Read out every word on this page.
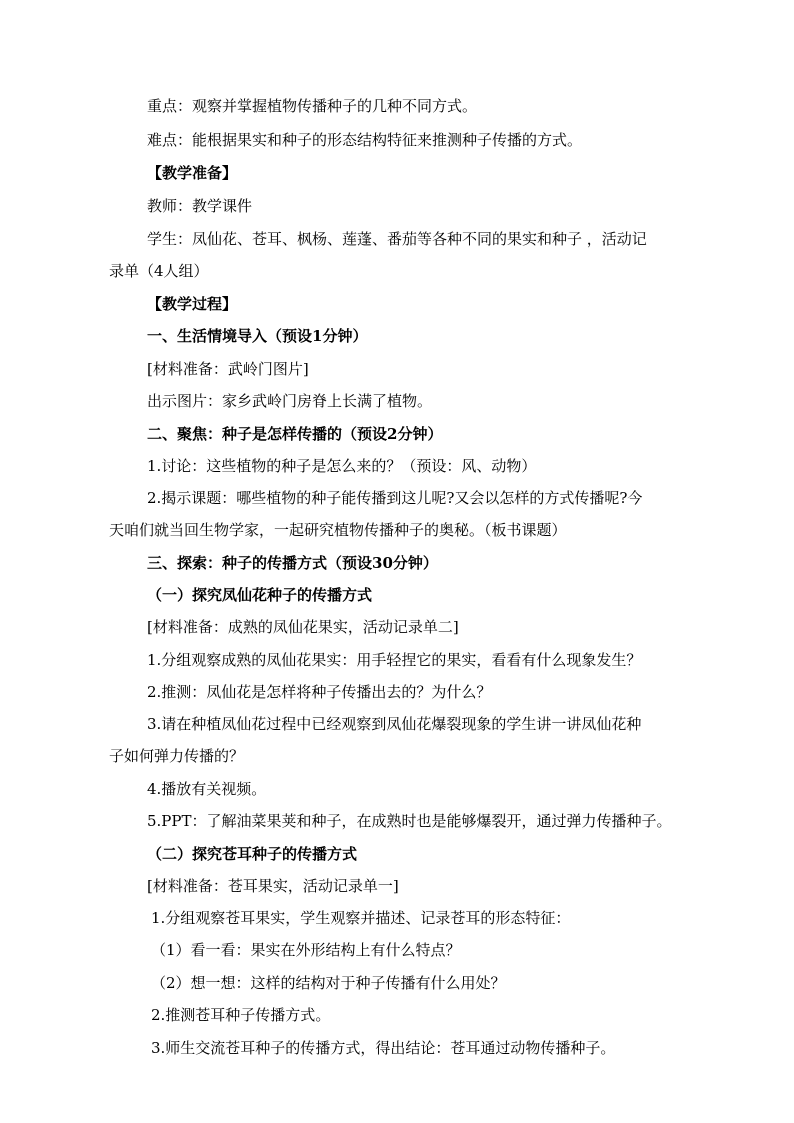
重点：观察并掌握植物传播种子的几种不同方式。
难点：能根据果实和种子的形态结构特征来推测种子传播的方式。
【教学准备】
教师：教学课件
学生：凤仙花、苍耳、枫杨、莲蓬、番茄等各种不同的果实和种子 ，活动记
录单（4人组）
【教学过程】
一、生活情境导入（预设1分钟）
[材料准备：武岭门图片]
出示图片：家乡武岭门房脊上长满了植物。
二、聚焦：种子是怎样传播的（预设2分钟）
1.讨论：这些植物的种子是怎么来的？（预设：风、动物）
2.揭示课题：哪些植物的种子能传播到这儿呢?又会以怎样的方式传播呢?今
天咱们就当回生物学家，一起研究植物传播种子的奥秘。（板书课题）
三、探索：种子的传播方式（预设30分钟）
（一）探究凤仙花种子的传播方式
[材料准备：成熟的凤仙花果实，活动记录单二]
1.分组观察成熟的凤仙花果实：用手轻捏它的果实，看看有什么现象发生？
2.推测：凤仙花是怎样将种子传播出去的？为什么？
3.请在种植凤仙花过程中已经观察到凤仙花爆裂现象的学生讲一讲凤仙花种
子如何弹力传播的？
4.播放有关视频。
5.PPT：了解油菜果荚和种子，在成熟时也是能够爆裂开，通过弹力传播种子。
（二）探究苍耳种子的传播方式
[材料准备：苍耳果实，活动记录单一]
1.分组观察苍耳果实，学生观察并描述、记录苍耳的形态特征：
（1）看一看：果实在外形结构上有什么特点？
（2）想一想：这样的结构对于种子传播有什么用处？
2.推测苍耳种子传播方式。
3.师生交流苍耳种子的传播方式，得出结论：苍耳通过动物传播种子。
